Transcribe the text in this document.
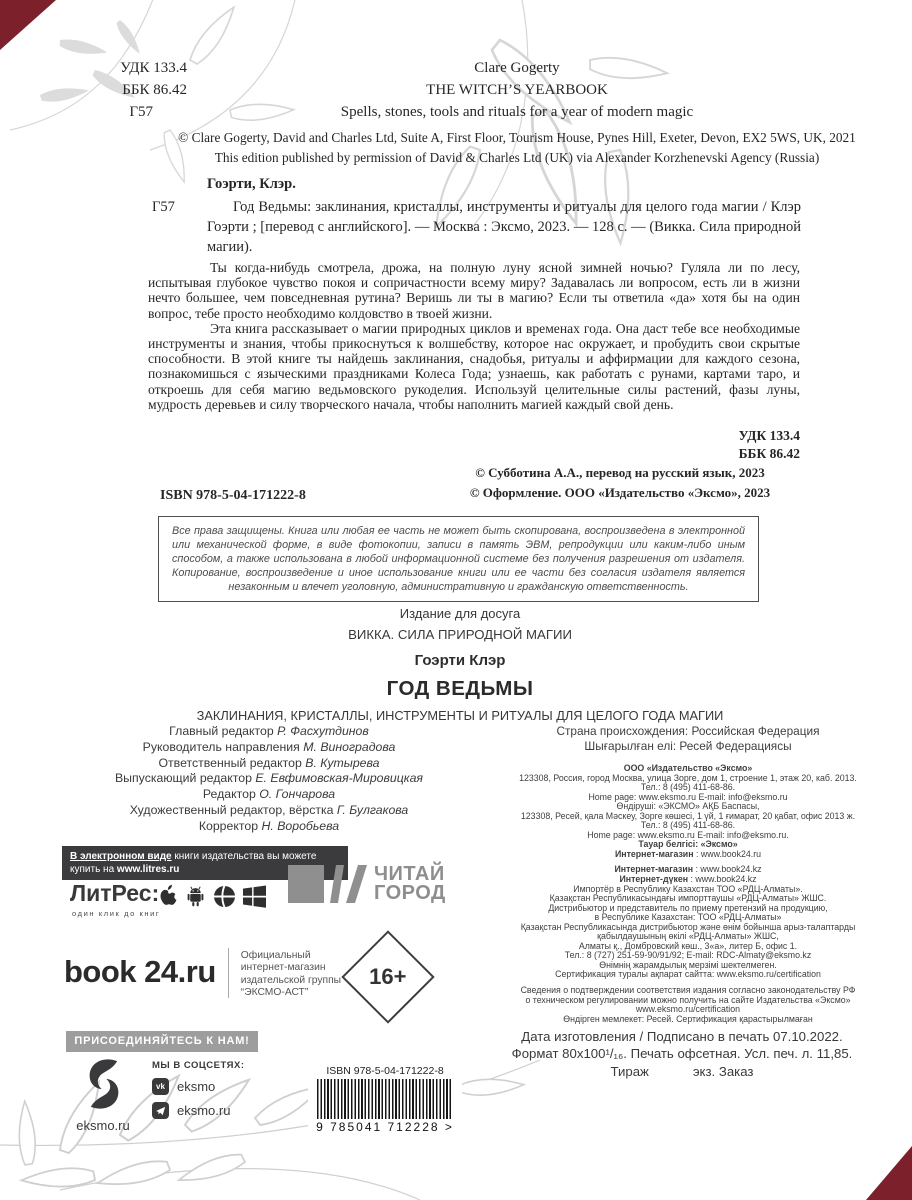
УДК 133.4
ББК 86.42
Г57
Clare Gogerty
THE WITCH’S YEARBOOK
Spells, stones, tools and rituals for a year of modern magic
© Clare Gogerty, David and Charles Ltd, Suite A, First Floor, Tourism House, Pynes Hill, Exeter, Devon, EX2 5WS, UK, 2021
This edition published by permission of David & Charles Ltd (UK) via Alexander Korzhenevski Agency (Russia)
Гоэрти, Клэр.
Г57	Год Ведьмы: заклинания, кристаллы, инструменты и ритуалы для целого года магии / Клэр Гоэрти ; [перевод с английского]. — Москва : Эксмо, 2023. — 128 с. — (Викка. Сила природной магии).

Ты когда-нибудь смотрела, дрожа, на полную луну ясной зимней ночью? Гуляла ли по лесу, испытывая глубокое чувство покоя и сопричастности всему миру? Задавалась ли вопросом, есть ли в жизни нечто большее, чем повседневная рутина? Веришь ли ты в магию? Если ты ответила «да» хотя бы на один вопрос, тебе просто необходимо колдовство в твоей жизни.

Эта книга рассказывает о магии природных циклов и временах года. Она даст тебе все необходимые инструменты и знания, чтобы прикоснуться к волшебству, которое нас окружает, и пробудить свои скрытые способности. В этой книге ты найдешь заклинания, снадобья, ритуалы и аффирмации для каждого сезона, познакомишься с языческими праздниками Колеса Года; узнаешь, как работать с рунами, картами таро, и откроешь для себя магию ведьмовского рукоделия. Используй целительные силы растений, фазы луны, мудрость деревьев и силу творческого начала, чтобы наполнить магией каждый свой день.

УДК 133.4
ББК 86.42
ISBN 978-5-04-171222-8
© Субботина А.А., перевод на русский язык, 2023
© Оформление. ООО «Издательство «Эксмо», 2023
Все права защищены. Книга или любая ее часть не может быть скопирована, воспроизведена в электронной или механической форме, в виде фотокопии, записи в память ЭВМ, репродукции или каким-либо иным способом, а также использована в любой информационной системе без получения разрешения от издателя. Копирование, воспроизведение и иное использование книги или ее части без согласия издателя является незаконным и влечет уголовную, административную и гражданскую ответственность.
Издание для досуга
ВИККА. СИЛА ПРИРОДНОЙ МАГИИ
Гоэрти Клэр
ГОД ВЕДЬМЫ
ЗАКЛИНАНИЯ, КРИСТАЛЛЫ, ИНСТРУМЕНТЫ И РИТУАЛЫ ДЛЯ ЦЕЛОГО ГОДА МАГИИ
Главный редактор Р. Фасхутдинов
Руководитель направления М. Виноградова
Ответственный редактор В. Кутырева
Выпускающий редактор Е. Евфимовская-Мировицкая
Редактор О. Гончарова
Художественный редактор, вёрстка Г. Булгакова
Корректор Н. Воробьева
Страна происхождения: Российская Федерация
Шығарылған елі: Ресей Федерациясы
ООО «Издательство «Эксмо»
123308, Россия, город Москва, улица Зорге, дом 1, строение 1, этаж 20, каб. 2013.
Тел.: 8 (495) 411-68-86.
Home page: www.eksmo.ru E-mail: info@eksmo.ru
Өндіруші: «ЭКСМО» АҚБ Баспасы,
123308, Ресей, қала Мәскеу, Зорге көшесі, 1 үй, 1 ғимарат, 20 қабат, офис 2013 ж.
Тел.: 8 (495) 411-68-86.
Home page: www.eksmo.ru E-mail: info@eksmo.ru.
Тауар белгісі: «Эксмо»
Интернет-магазин : www.book24.ru
Интернет-магазин : www.book24.kz
Интернет-дүкен : www.book24.kz
Импортёр в Республику Казахстан ТОО «РДЦ-Алматы».
Қазақстан Республикасындағы импорттаушы «РДЦ-Алматы» ЖШС.
Дистрибьютор и представитель по приему претензий на продукцию,
в Республике Казахстан: ТОО «РДЦ-Алматы»
Қазақстан Республикасында дистрибьютор және өнім бойынша арыз-талаптарды
қабылдаушының өкілі «РДЦ-Алматы» ЖШС,
Алматы қ., Домбровский көш., 3«а», литер Б, офис 1.
Тел.: 8 (727) 251-59-90/91/92; E-mail: RDC-Almaty@eksmo.kz
Өнімнің жарамдылық мерзімі шектелмеген.
Сертификация туралы ақпарат сайтта: www.eksmo.ru/certification
Сведения о подтверждении соответствия издания согласно законодательству РФ
о техническом регулировании можно получить на сайте Издательства «Эксмо»
www.eksmo.ru/certification
Өндірген мемлекет: Ресей. Сертификация қарастырылмаған
Дата изготовления / Подписано в печать 07.10.2022.
Формат 80x100¹/₁₆. Печать офсетная. Усл. печ. л. 11,85.
Тираж            экз. Заказ
В электронном виде книги издательства вы можете
купить на www.litres.ru
ЛитРес:
один клик до книг
ЧИТАЙ
ГОРОД
book 24.ru Официальный
интернет-магазин
издательской группы
“ЭКСМО-АСТ”
16+
ПРИСОЕДИНЯЙТЕСЬ К НАМ!
eksmo.ru
МЫ В СОЦСЕТЯХ:
vk eksmo
eksmo.ru
ISBN 978-5-04-171222-8
9 785041 712228 >
